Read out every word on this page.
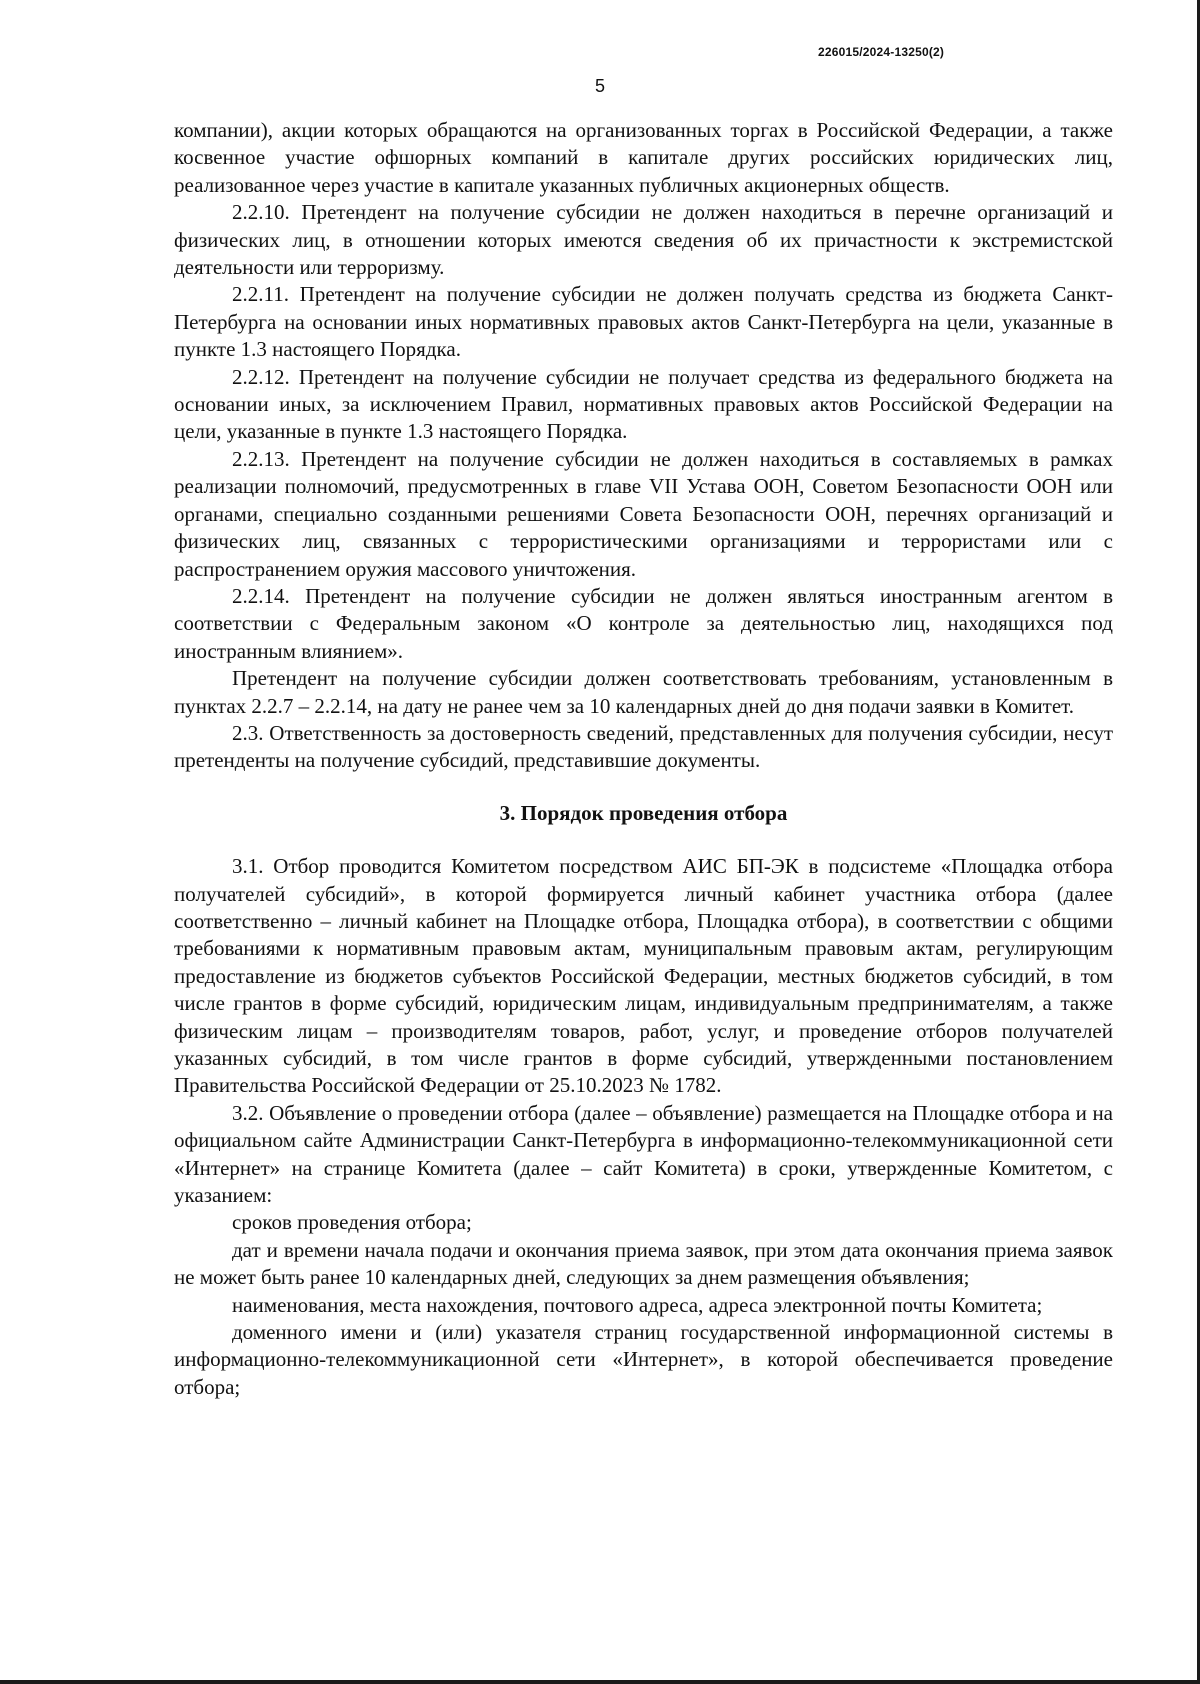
226015/2024-13250(2)
5

компании), акции которых обращаются на организованных торгах в Российской Федерации, а также косвенное участие офшорных компаний в капитале других российских юридических лиц, реализованное через участие в капитале указанных публичных акционерных обществ.

2.2.10. Претендент на получение субсидии не должен находиться в перечне организаций и физических лиц, в отношении которых имеются сведения об их причастности к экстремистской деятельности или терроризму.

2.2.11. Претендент на получение субсидии не должен получать средства из бюджета Санкт-Петербурга на основании иных нормативных правовых актов Санкт-Петербурга на цели, указанные в пункте 1.3 настоящего Порядка.

2.2.12. Претендент на получение субсидии не получает средства из федерального бюджета на основании иных, за исключением Правил, нормативных правовых актов Российской Федерации на цели, указанные в пункте 1.3 настоящего Порядка.

2.2.13. Претендент на получение субсидии не должен находиться в составляемых в рамках реализации полномочий, предусмотренных в главе VII Устава ООН, Советом Безопасности ООН или органами, специально созданными решениями Совета Безопасности ООН, перечнях организаций и физических лиц, связанных с террористическими организациями и террористами или с распространением оружия массового уничтожения.

2.2.14. Претендент на получение субсидии не должен являться иностранным агентом в соответствии с Федеральным законом «О контроле за деятельностью лиц, находящихся под иностранным влиянием».

Претендент на получение субсидии должен соответствовать требованиям, установленным в пунктах 2.2.7 – 2.2.14, на дату не ранее чем за 10 календарных дней до дня подачи заявки в Комитет.

2.3. Ответственность за достоверность сведений, представленных для получения субсидии, несут претенденты на получение субсидий, представившие документы.

3. Порядок проведения отбора

3.1. Отбор проводится Комитетом посредством АИС БП-ЭК в подсистеме «Площадка отбора получателей субсидий», в которой формируется личный кабинет участника отбора (далее соответственно – личный кабинет на Площадке отбора, Площадка отбора), в соответствии с общими требованиями к нормативным правовым актам, муниципальным правовым актам, регулирующим предоставление из бюджетов субъектов Российской Федерации, местных бюджетов субсидий, в том числе грантов в форме субсидий, юридическим лицам, индивидуальным предпринимателям, а также физическим лицам – производителям товаров, работ, услуг, и проведение отборов получателей указанных субсидий, в том числе грантов в форме субсидий, утвержденными постановлением Правительства Российской Федерации от 25.10.2023 № 1782.

3.2. Объявление о проведении отбора (далее – объявление) размещается на Площадке отбора и на официальном сайте Администрации Санкт-Петербурга в информационно-телекоммуникационной сети «Интернет» на странице Комитета (далее – сайт Комитета) в сроки, утвержденные Комитетом, с указанием:

сроков проведения отбора;

дат и времени начала подачи и окончания приема заявок, при этом дата окончания приема заявок не может быть ранее 10 календарных дней, следующих за днем размещения объявления;

наименования, места нахождения, почтового адреса, адреса электронной почты Комитета;

доменного имени и (или) указателя страниц государственной информационной системы в информационно-телекоммуникационной сети «Интернет», в которой обеспечивается проведение отбора;
